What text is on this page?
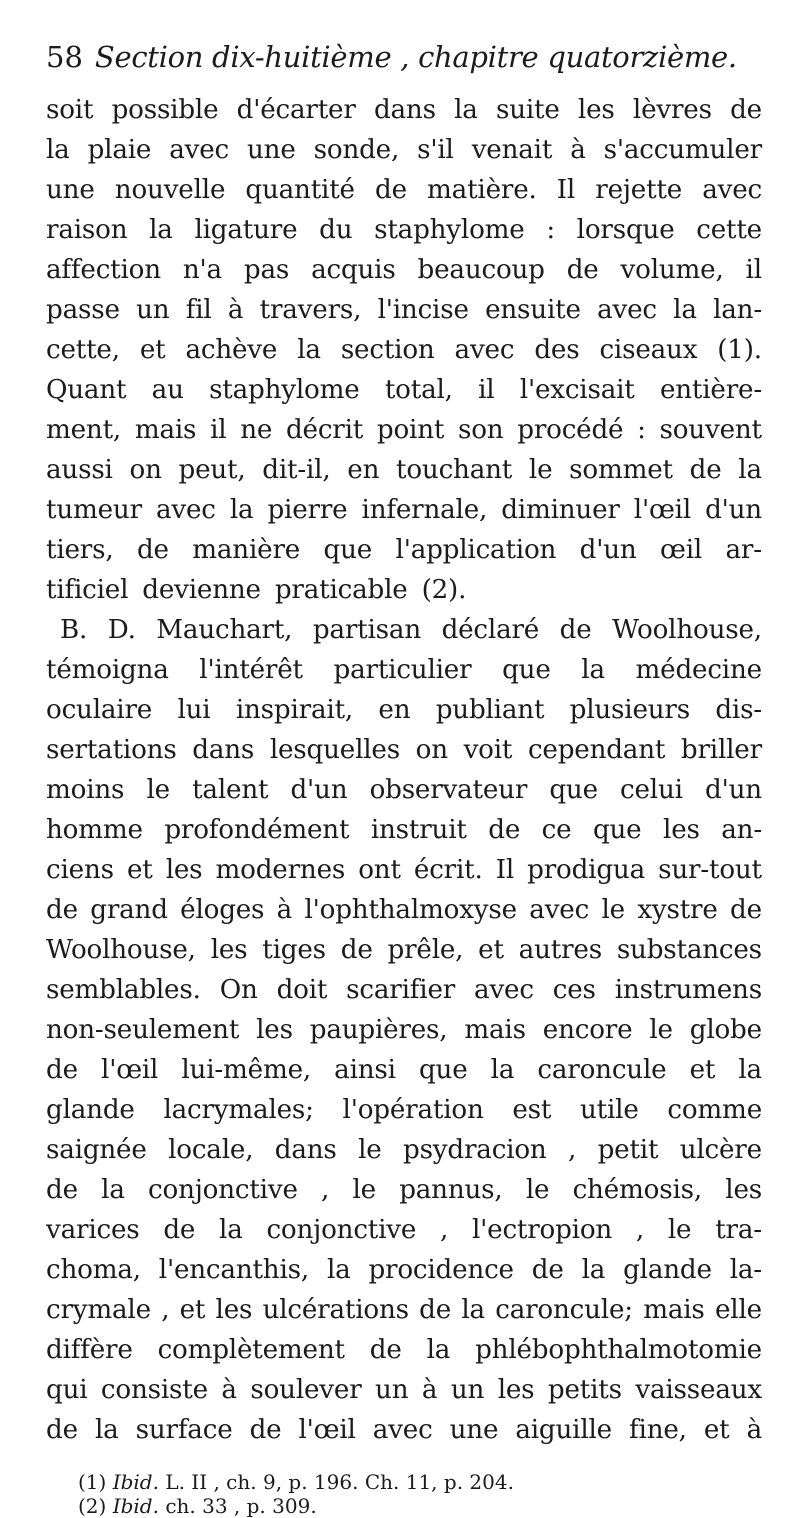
58 Section dix-huitième , chapitre quatorzième.
soit possible d'écarter dans la suite les lèvres de
la plaie avec une sonde, s'il venait à s'accumuler
une nouvelle quantité de matière. Il rejette avec
raison la ligature du staphylome : lorsque cette
affection n'a pas acquis beaucoup de volume, il
passe un fil à travers, l'incise ensuite avec la lan-
cette, et achève la section avec des ciseaux (1).
Quant au staphylome total, il l'excisait entière-
ment, mais il ne décrit point son procédé : souvent
aussi on peut, dit-il, en touchant le sommet de la
tumeur avec la pierre infernale, diminuer l'œil d'un
tiers, de manière que l'application d'un œil ar-
tificiel devienne praticable (2).
B. D. Mauchart, partisan déclaré de Woolhouse,
témoigna l'intérêt particulier que la médecine
oculaire lui inspirait, en publiant plusieurs dis-
sertations dans lesquelles on voit cependant briller
moins le talent d'un observateur que celui d'un
homme profondément instruit de ce que les an-
ciens et les modernes ont écrit. Il prodigua sur-tout
de grand éloges à l'ophthalmoxyse avec le xystre de
Woolhouse, les tiges de prêle, et autres substances
semblables. On doit scarifier avec ces instrumens
non-seulement les paupières, mais encore le globe
de l'œil lui-même, ainsi que la caroncule et la
glande lacrymales; l'opération est utile comme
saignée locale, dans le psydracion , petit ulcère
de la conjonctive , le pannus, le chémosis, les
varices de la conjonctive , l'ectropion , le tra-
choma, l'encanthis, la procidence de la glande la-
crymale , et les ulcérations de la caroncule; mais elle
diffère complètement de la phlébophthalmotomie
qui consiste à soulever un à un les petits vaisseaux
de la surface de l'œil avec une aiguille fine, et à
(1) Ibid. L. II , ch. 9, p. 196. Ch. 11, p. 204.
(2) Ibid. ch. 33 , p. 309.
